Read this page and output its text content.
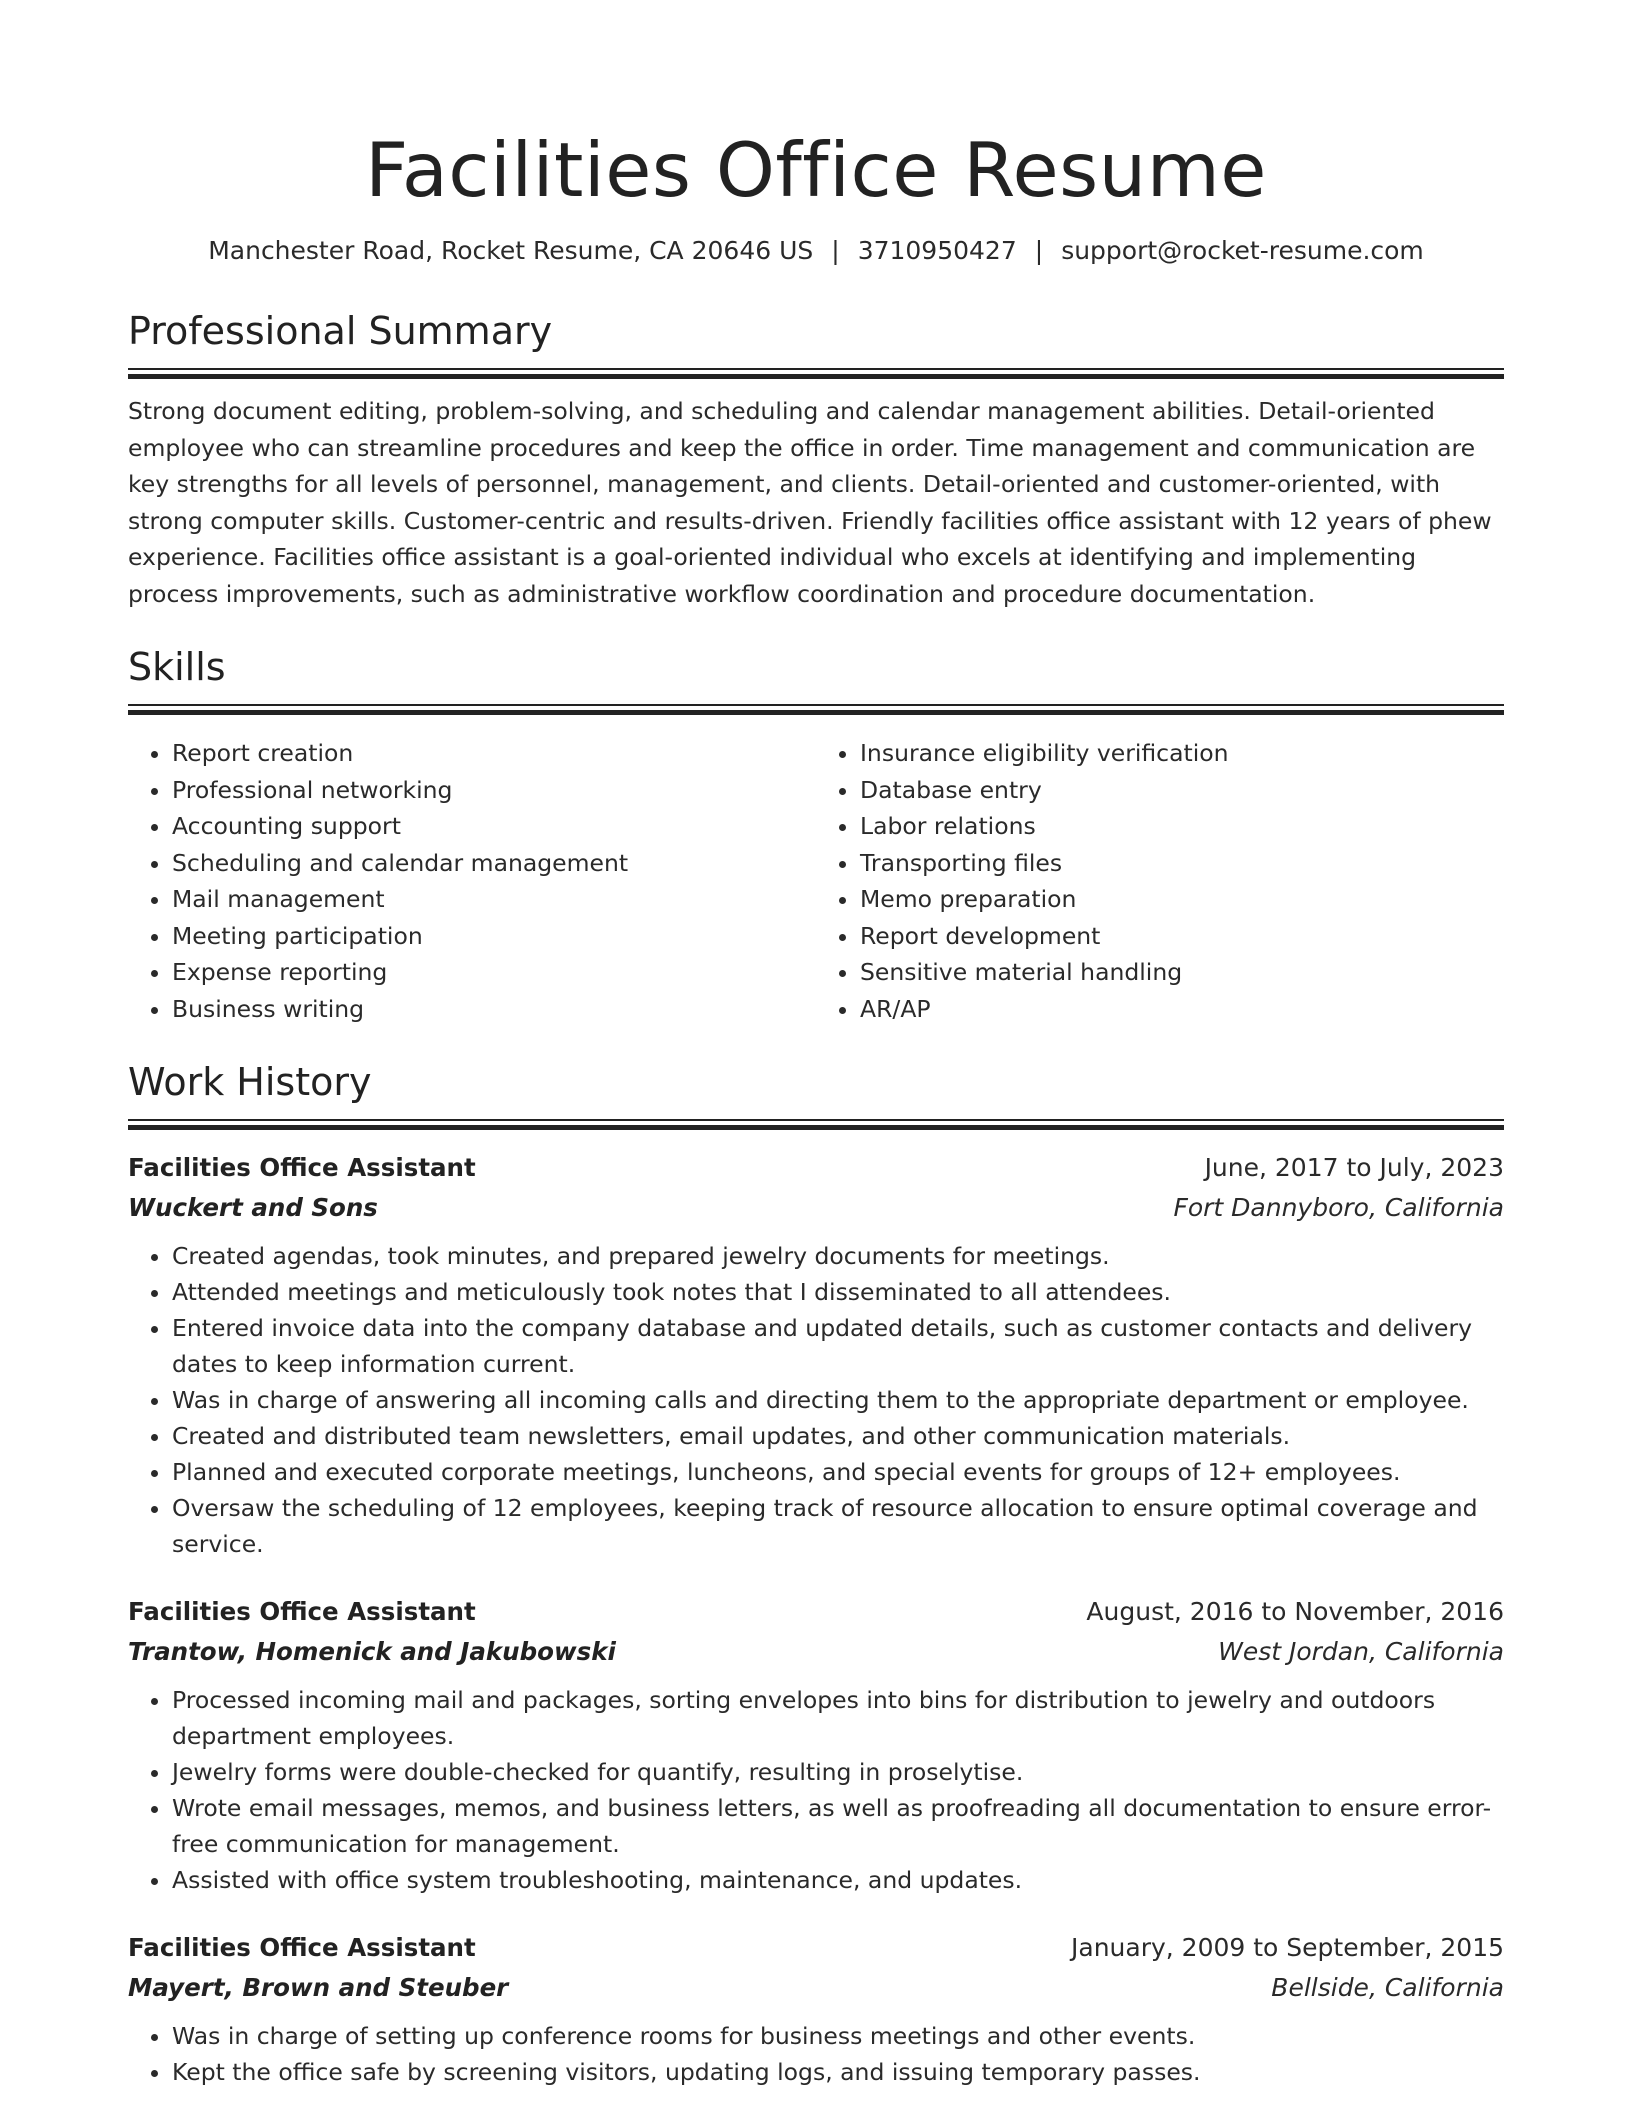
Facilities Office Resume
Manchester Road, Rocket Resume, CA 20646 US | 3710950427 | support@rocket-resume.com
Professional Summary

Strong document editing, problem-solving, and scheduling and calendar management abilities. Detail-oriented employee who can streamline procedures and keep the office in order. Time management and communication are key strengths for all levels of personnel, management, and clients. Detail-oriented and customer-oriented, with strong computer skills. Customer-centric and results-driven. Friendly facilities office assistant with 12 years of phew experience. Facilities office assistant is a goal-oriented individual who excels at identifying and implementing process improvements, such as administrative workflow coordination and procedure documentation.

Skills
• Report creation
• Professional networking
• Accounting support
• Scheduling and calendar management
• Mail management
• Meeting participation
• Expense reporting
• Business writing
• Insurance eligibility verification
• Database entry
• Labor relations
• Transporting files
• Memo preparation
• Report development
• Sensitive material handling
• AR/AP
Work History
Facilities Office Assistant	June, 2017 to July, 2023
Wuckert and Sons	Fort Dannyboro, California
• Created agendas, took minutes, and prepared jewelry documents for meetings.
• Attended meetings and meticulously took notes that I disseminated to all attendees.
• Entered invoice data into the company database and updated details, such as customer contacts and delivery dates to keep information current.
• Was in charge of answering all incoming calls and directing them to the appropriate department or employee.
• Created and distributed team newsletters, email updates, and other communication materials.
• Planned and executed corporate meetings, luncheons, and special events for groups of 12+ employees.
• Oversaw the scheduling of 12 employees, keeping track of resource allocation to ensure optimal coverage and service.
Facilities Office Assistant	August, 2016 to November, 2016
Trantow, Homenick and Jakubowski	West Jordan, California
• Processed incoming mail and packages, sorting envelopes into bins for distribution to jewelry and outdoors department employees.
• Jewelry forms were double-checked for quantify, resulting in proselytise.
• Wrote email messages, memos, and business letters, as well as proofreading all documentation to ensure error-free communication for management.
• Assisted with office system troubleshooting, maintenance, and updates.
Facilities Office Assistant	January, 2009 to September, 2015
Mayert, Brown and Steuber	Bellside, California
• Was in charge of setting up conference rooms for business meetings and other events.
• Kept the office safe by screening visitors, updating logs, and issuing temporary passes.
